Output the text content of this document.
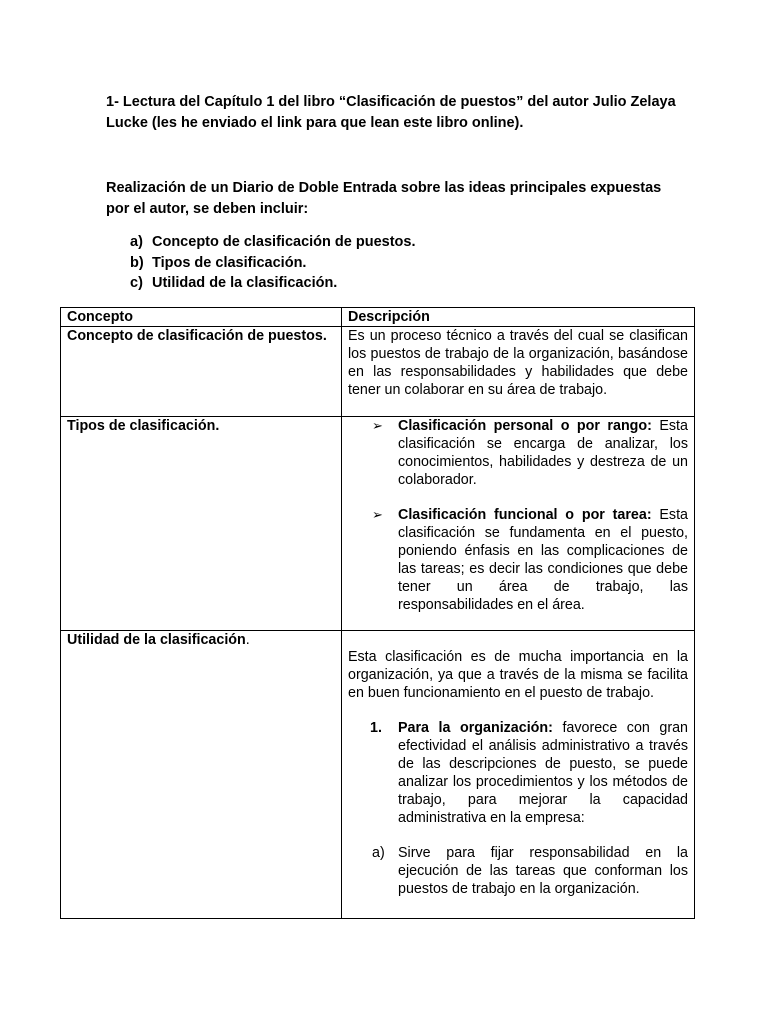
1- Lectura del Capítulo 1 del libro “Clasificación de puestos” del autor Julio Zelaya Lucke (les he enviado el link para que lean este libro online).
Realización de un Diario de Doble Entrada sobre las ideas principales expuestas por el autor, se deben incluir:
a) Concepto de clasificación de puestos.
b) Tipos de clasificación.
c) Utilidad de la clasificación.
Concepto	Descripción
Concepto de clasificación de puestos.	Es un proceso técnico a través del cual se clasifican los puestos de trabajo de la organización, basándose en las responsabilidades y habilidades que debe tener un colaborar en su área de trabajo.
Tipos de clasificación.	➢ Clasificación personal o por rango: Esta clasificación se encarga de analizar, los conocimientos, habilidades y destreza de un colaborador.
➢ Clasificación funcional o por tarea: Esta clasificación se fundamenta en el puesto, poniendo énfasis en las complicaciones de las tareas; es decir las condiciones que debe tener un área de trabajo, las responsabilidades en el área.

Utilidad de la clasificación.	Esta clasificación es de mucha importancia en la organización, ya que a través de la misma se facilita en buen funcionamiento en el puesto de trabajo.
1. Para la organización: favorece con gran efectividad el análisis administrativo a través de las descripciones de puesto, se puede analizar los procedimientos y los métodos de trabajo, para mejorar la capacidad administrativa en la empresa:
a) Sirve para fijar responsabilidad en la ejecución de las tareas que conforman los puestos de trabajo en la organización.
